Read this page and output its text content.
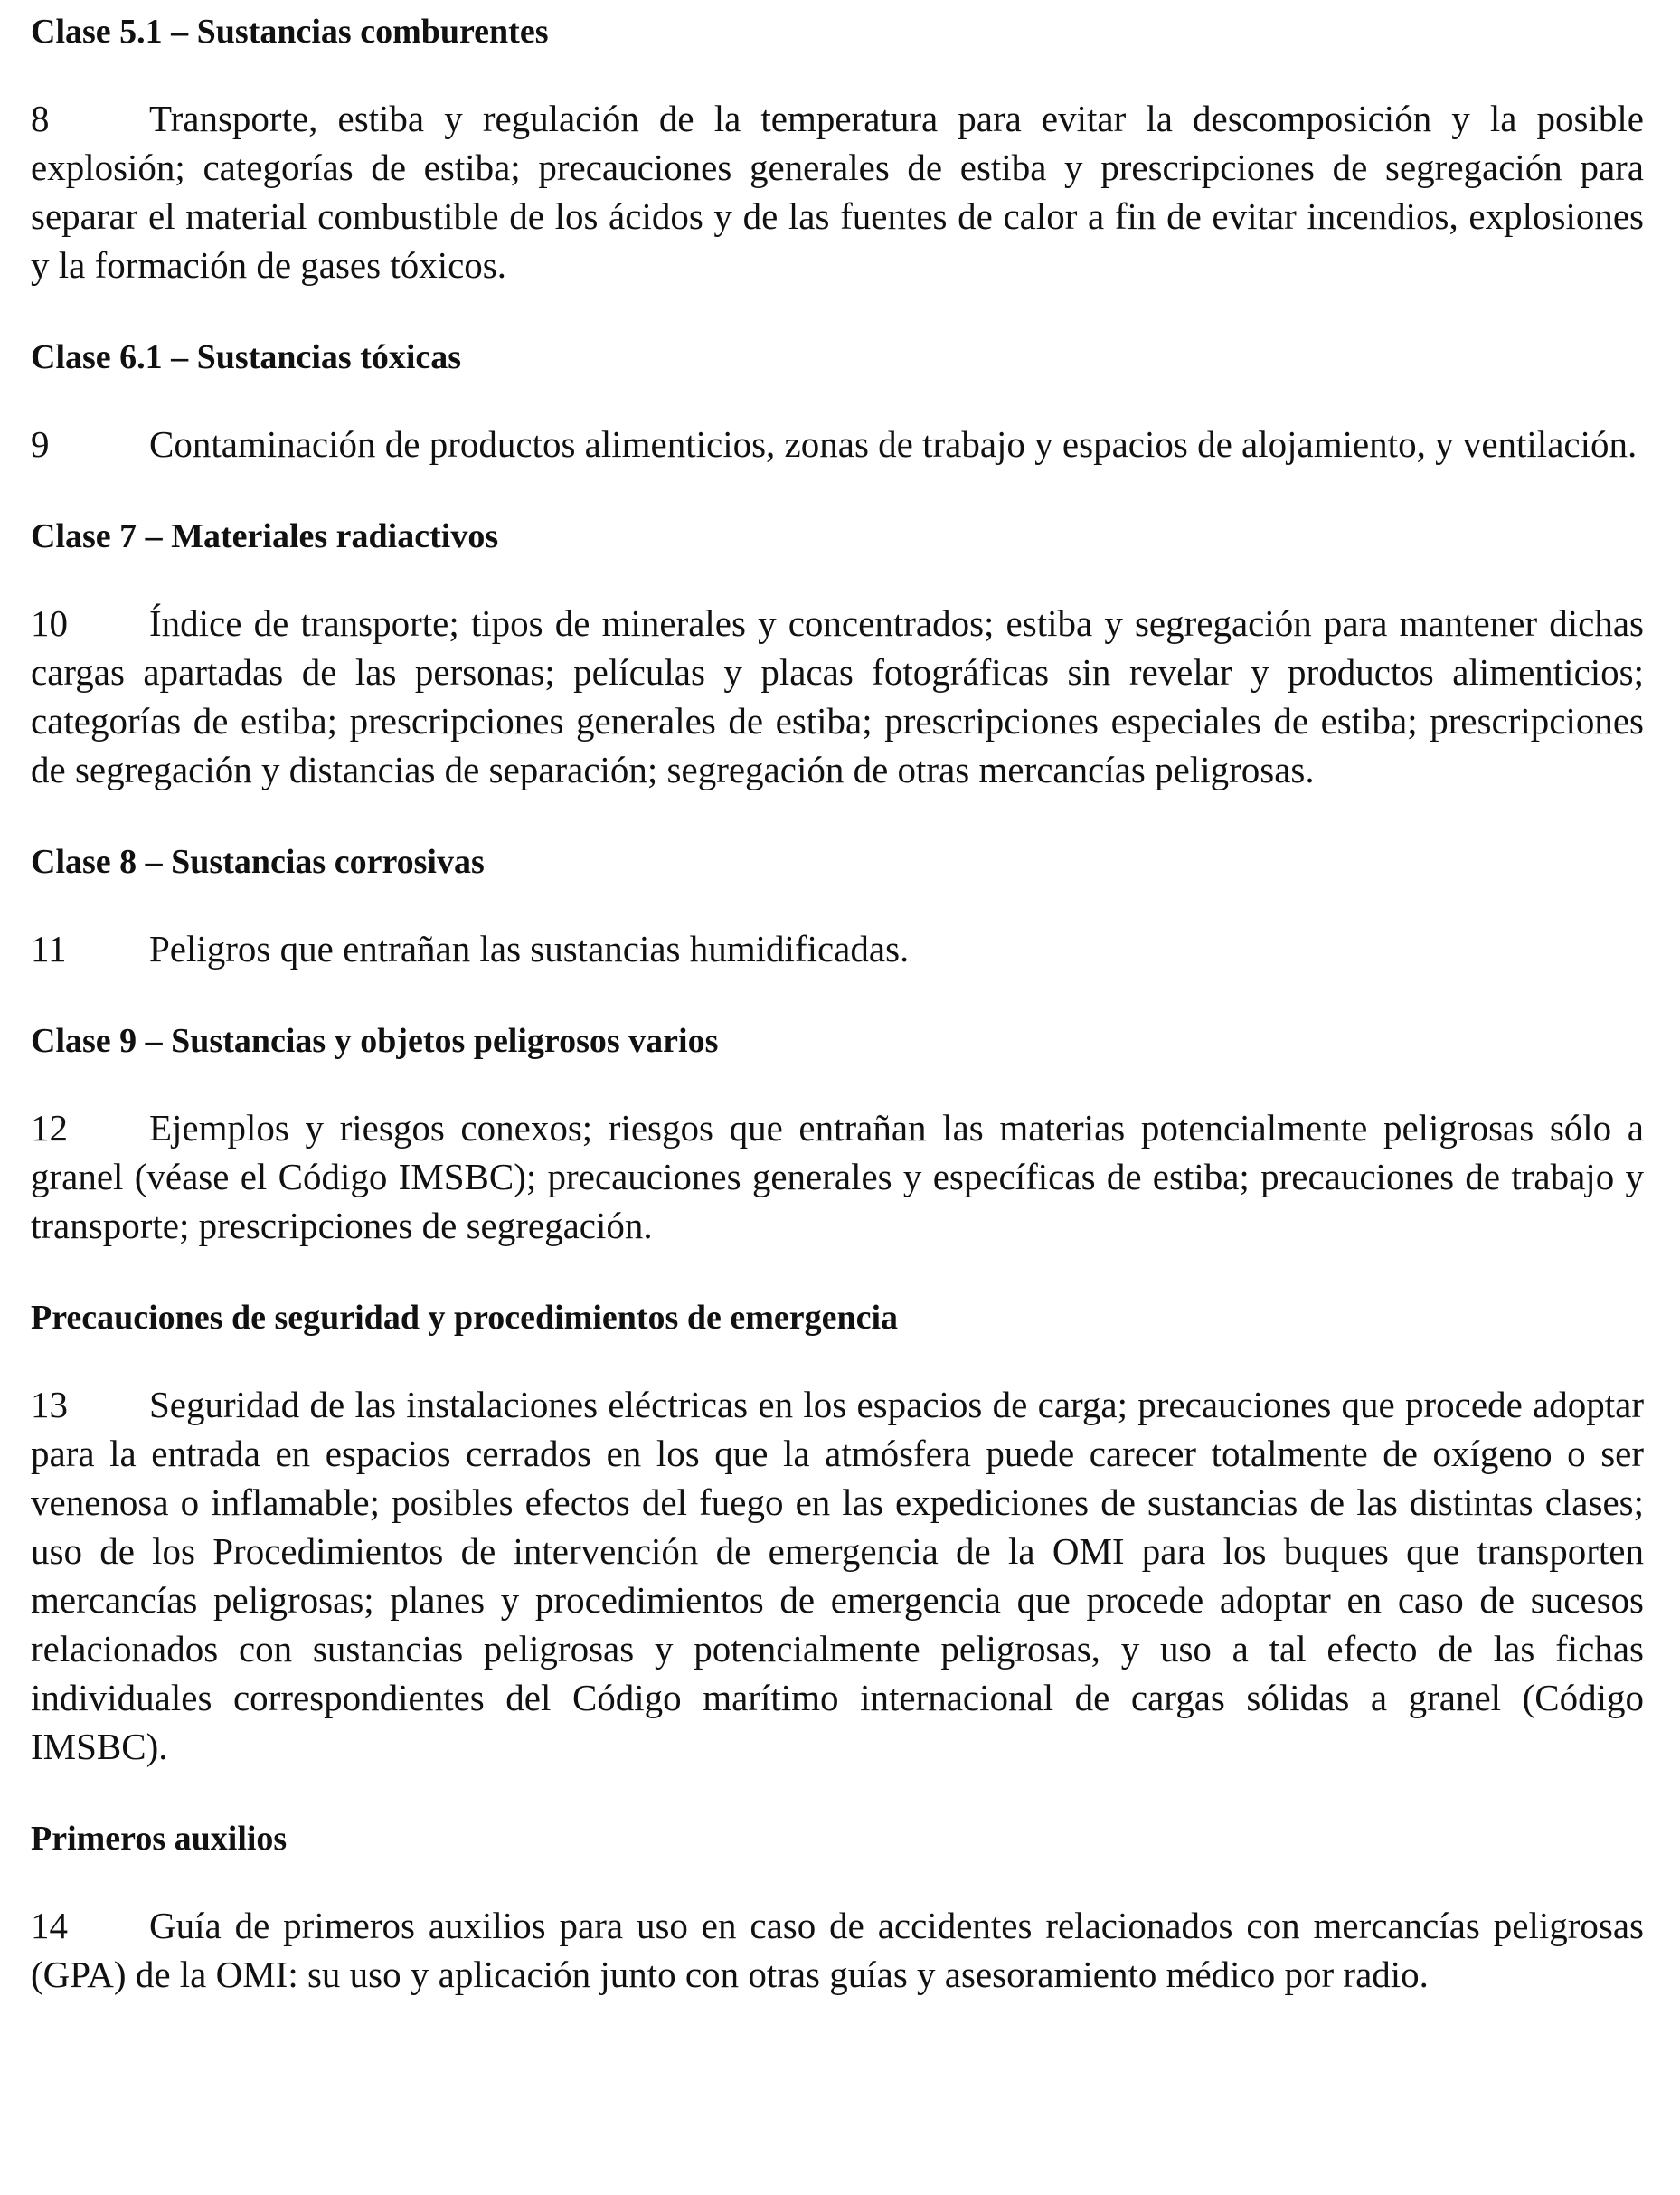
Clase 5.1 – Sustancias comburentes

8	Transporte, estiba y regulación de la temperatura para evitar la descomposición y la posible explosión; categorías de estiba; precauciones generales de estiba y prescripciones de segregación para separar el material combustible de los ácidos y de las fuentes de calor a fin de evitar incendios, explosiones y la formación de gases tóxicos.

Clase 6.1 – Sustancias tóxicas

9	Contaminación de productos alimenticios, zonas de trabajo y espacios de alojamiento, y ventilación.

Clase 7 – Materiales radiactivos

10 Índice de transporte; tipos de minerales y concentrados; estiba y segregación para mantener dichas cargas apartadas de las personas; películas y placas fotográficas sin revelar y productos alimenticios; categorías de estiba; prescripciones generales de estiba; prescripciones especiales de estiba; prescripciones de segregación y distancias de separación; segregación de otras mercancías peligrosas.

Clase 8 – Sustancias corrosivas

11 Peligros que entrañan las sustancias humidificadas.

Clase 9 – Sustancias y objetos peligrosos varios

12 Ejemplos y riesgos conexos; riesgos que entrañan las materias potencialmente peligrosas sólo a granel (véase el Código IMSBC); precauciones generales y específicas de estiba; precauciones de trabajo y transporte; prescripciones de segregación.

Precauciones de seguridad y procedimientos de emergencia

13 Seguridad de las instalaciones eléctricas en los espacios de carga; precauciones que procede adoptar para la entrada en espacios cerrados en los que la atmósfera puede carecer totalmente de oxígeno o ser venenosa o inflamable; posibles efectos del fuego en las expediciones de sustancias de las distintas clases; uso de los Procedimientos de intervención de emergencia de la OMI para los buques que transporten mercancías peligrosas; planes y procedimientos de emergencia que procede adoptar en caso de sucesos relacionados con sustancias peligrosas y potencialmente peligrosas, y uso a tal efecto de las fichas individuales correspondientes del Código marítimo internacional de cargas sólidas a granel (Código IMSBC).

Primeros auxilios

14 Guía de primeros auxilios para uso en caso de accidentes relacionados con mercancías peligrosas (GPA) de la OMI: su uso y aplicación junto con otras guías y asesoramiento médico por radio.
